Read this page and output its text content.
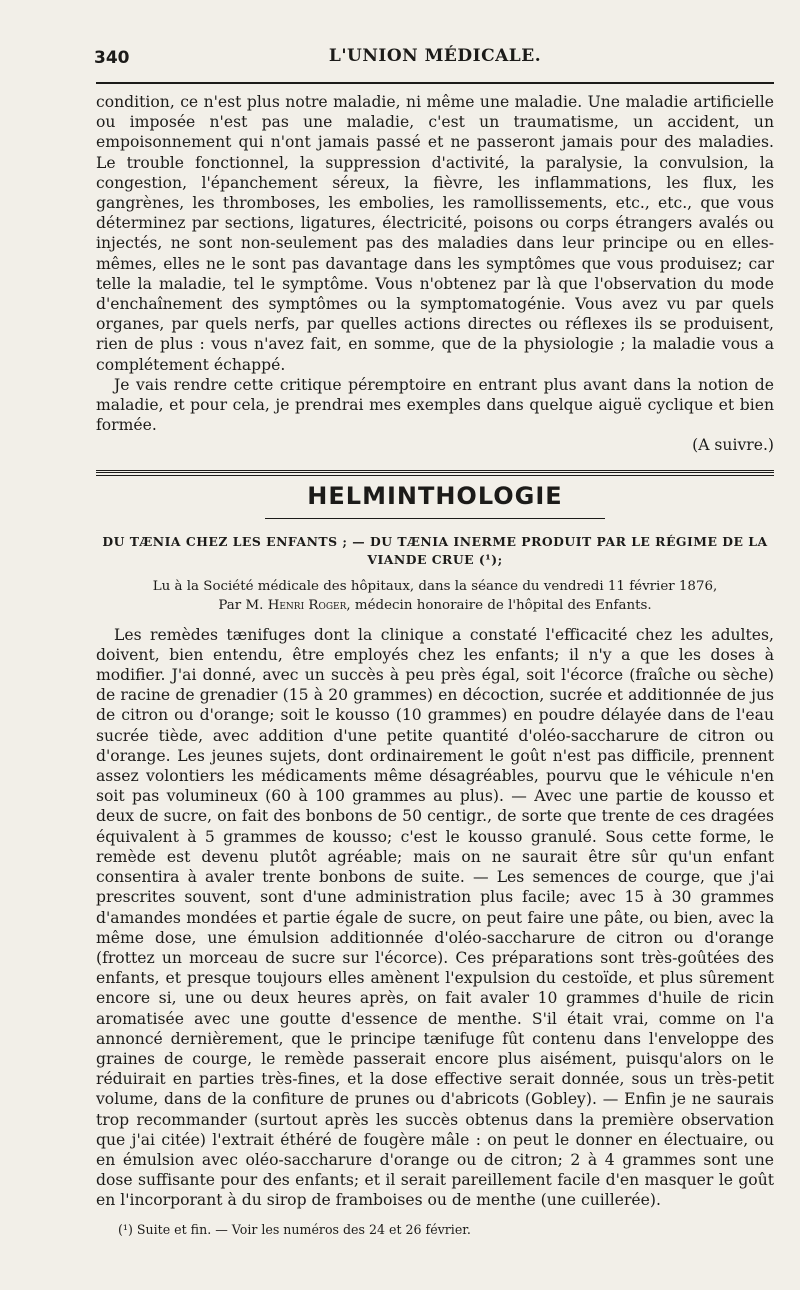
340	L'UNION MÉDICALE.

condition, ce n'est plus notre maladie, ni même une maladie. Une maladie artificielle ou imposée n'est pas une maladie, c'est un traumatisme, un accident, un empoisonnement qui n'ont jamais passé et ne passeront jamais pour des maladies. Le trouble fonctionnel, la suppression d'activité, la paralysie, la convulsion, la congestion, l'épanchement séreux, la fièvre, les inflammations, les flux, les gangrènes, les thromboses, les embolies, les ramollissements, etc., etc., que vous déterminez par sections, ligatures, électricité, poisons ou corps étrangers avalés ou injectés, ne sont non-seulement pas des maladies dans leur principe ou en elles-mêmes, elles ne le sont pas davantage dans les symptômes que vous produisez; car telle la maladie, tel le symptôme. Vous n'obtenez par là que l'observation du mode d'enchaînement des symptômes ou la symptomatogénie. Vous avez vu par quels organes, par quels nerfs, par quelles actions directes ou réflexes ils se produisent, rien de plus : vous n'avez fait, en somme, que de la physiologie ; la maladie vous a complétement échappé.

Je vais rendre cette critique péremptoire en entrant plus avant dans la notion de maladie, et pour cela, je prendrai mes exemples dans quelque aiguë cyclique et bien formée.

(A suivre.)
HELMINTHOLOGIE
DU TÆNIA CHEZ LES ENFANTS ; — DU TÆNIA INERME PRODUIT PAR LE RÉGIME DE LA VIANDE CRUE (¹);
Lu à la Société médicale des hôpitaux, dans la séance du vendredi 11 février 1876,
Par M. Henri Roger, médecin honoraire de l'hôpital des Enfants.

Les remèdes tænifuges dont la clinique a constaté l'efficacité chez les adultes, doivent, bien entendu, être employés chez les enfants; il n'y a que les doses à modifier. J'ai donné, avec un succès à peu près égal, soit l'écorce (fraîche ou sèche) de racine de grenadier (15 à 20 grammes) en décoction, sucrée et additionnée de jus de citron ou d'orange; soit le kousso (10 grammes) en poudre délayée dans de l'eau sucrée tiède, avec addition d'une petite quantité d'oléo-saccharure de citron ou d'orange. Les jeunes sujets, dont ordinairement le goût n'est pas difficile, prennent assez volontiers les médicaments même désagréables, pourvu que le véhicule n'en soit pas volumineux (60 à 100 grammes au plus). — Avec une partie de kousso et deux de sucre, on fait des bonbons de 50 centigr., de sorte que trente de ces dragées équivalent à 5 grammes de kousso; c'est le kousso granulé. Sous cette forme, le remède est devenu plutôt agréable; mais on ne saurait être sûr qu'un enfant consentira à avaler trente bonbons de suite. — Les semences de courge, que j'ai prescrites souvent, sont d'une administration plus facile; avec 15 à 30 grammes d'amandes mondées et partie égale de sucre, on peut faire une pâte, ou bien, avec la même dose, une émulsion additionnée d'oléo-saccharure de citron ou d'orange (frottez un morceau de sucre sur l'écorce). Ces préparations sont très-goûtées des enfants, et presque toujours elles amènent l'expulsion du cestoïde, et plus sûrement encore si, une ou deux heures après, on fait avaler 10 grammes d'huile de ricin aromatisée avec une goutte d'essence de menthe. S'il était vrai, comme on l'a annoncé dernièrement, que le principe tænifuge fût contenu dans l'enveloppe des graines de courge, le remède passerait encore plus aisément, puisqu'alors on le réduirait en parties très-fines, et la dose effective serait donnée, sous un très-petit volume, dans de la confiture de prunes ou d'abricots (Gobley). — Enfin je ne saurais trop recommander (surtout après les succès obtenus dans la première observation que j'ai citée) l'extrait éthéré de fougère mâle : on peut le donner en électuaire, ou en émulsion avec oléo-saccharure d'orange ou de citron; 2 à 4 grammes sont une dose suffisante pour des enfants; et il serait pareillement facile d'en masquer le goût en l'incorporant à du sirop de framboises ou de menthe (une cuillerée).

(¹) Suite et fin. — Voir les numéros des 24 et 26 février.
